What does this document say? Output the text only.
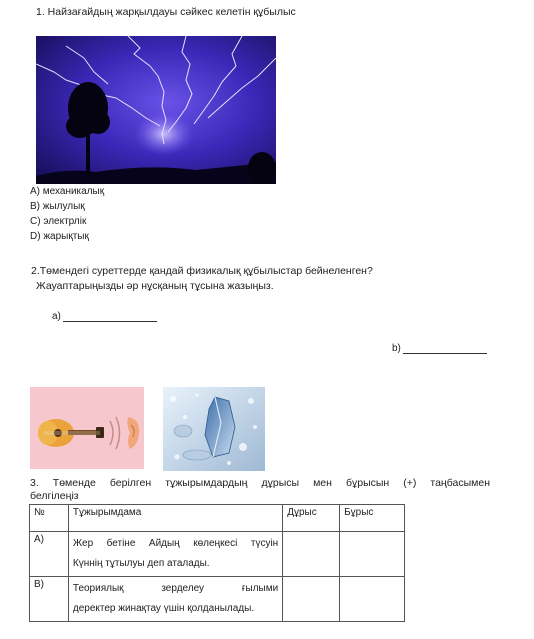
1. Найзағайдың жарқылдауы сәйкес келетін құбылыс
A) механикалық
B) жылулық
C) электрлік
D) жарықтық
2.Төмендегі суреттерде қандай физикалық құбылыстар бейнеленген?
Жауаптарыңызды әр нұсқаның тұсына жазыңыз.
a)
b)
3. Төменде берілген тұжырымдардың дұрысы мен бұрысын (+) таңбасымен
белгілеңіз
№	Тұжырымдама	Дұрыс	Бұрыс
A)	Жер бетіне Айдың көлеңкесі түсуін
Күннің тұтылуы деп аталады.		

B)	Теориялық зерделеу ғылыми
деректер жинақтау үшін қолданылады.		
